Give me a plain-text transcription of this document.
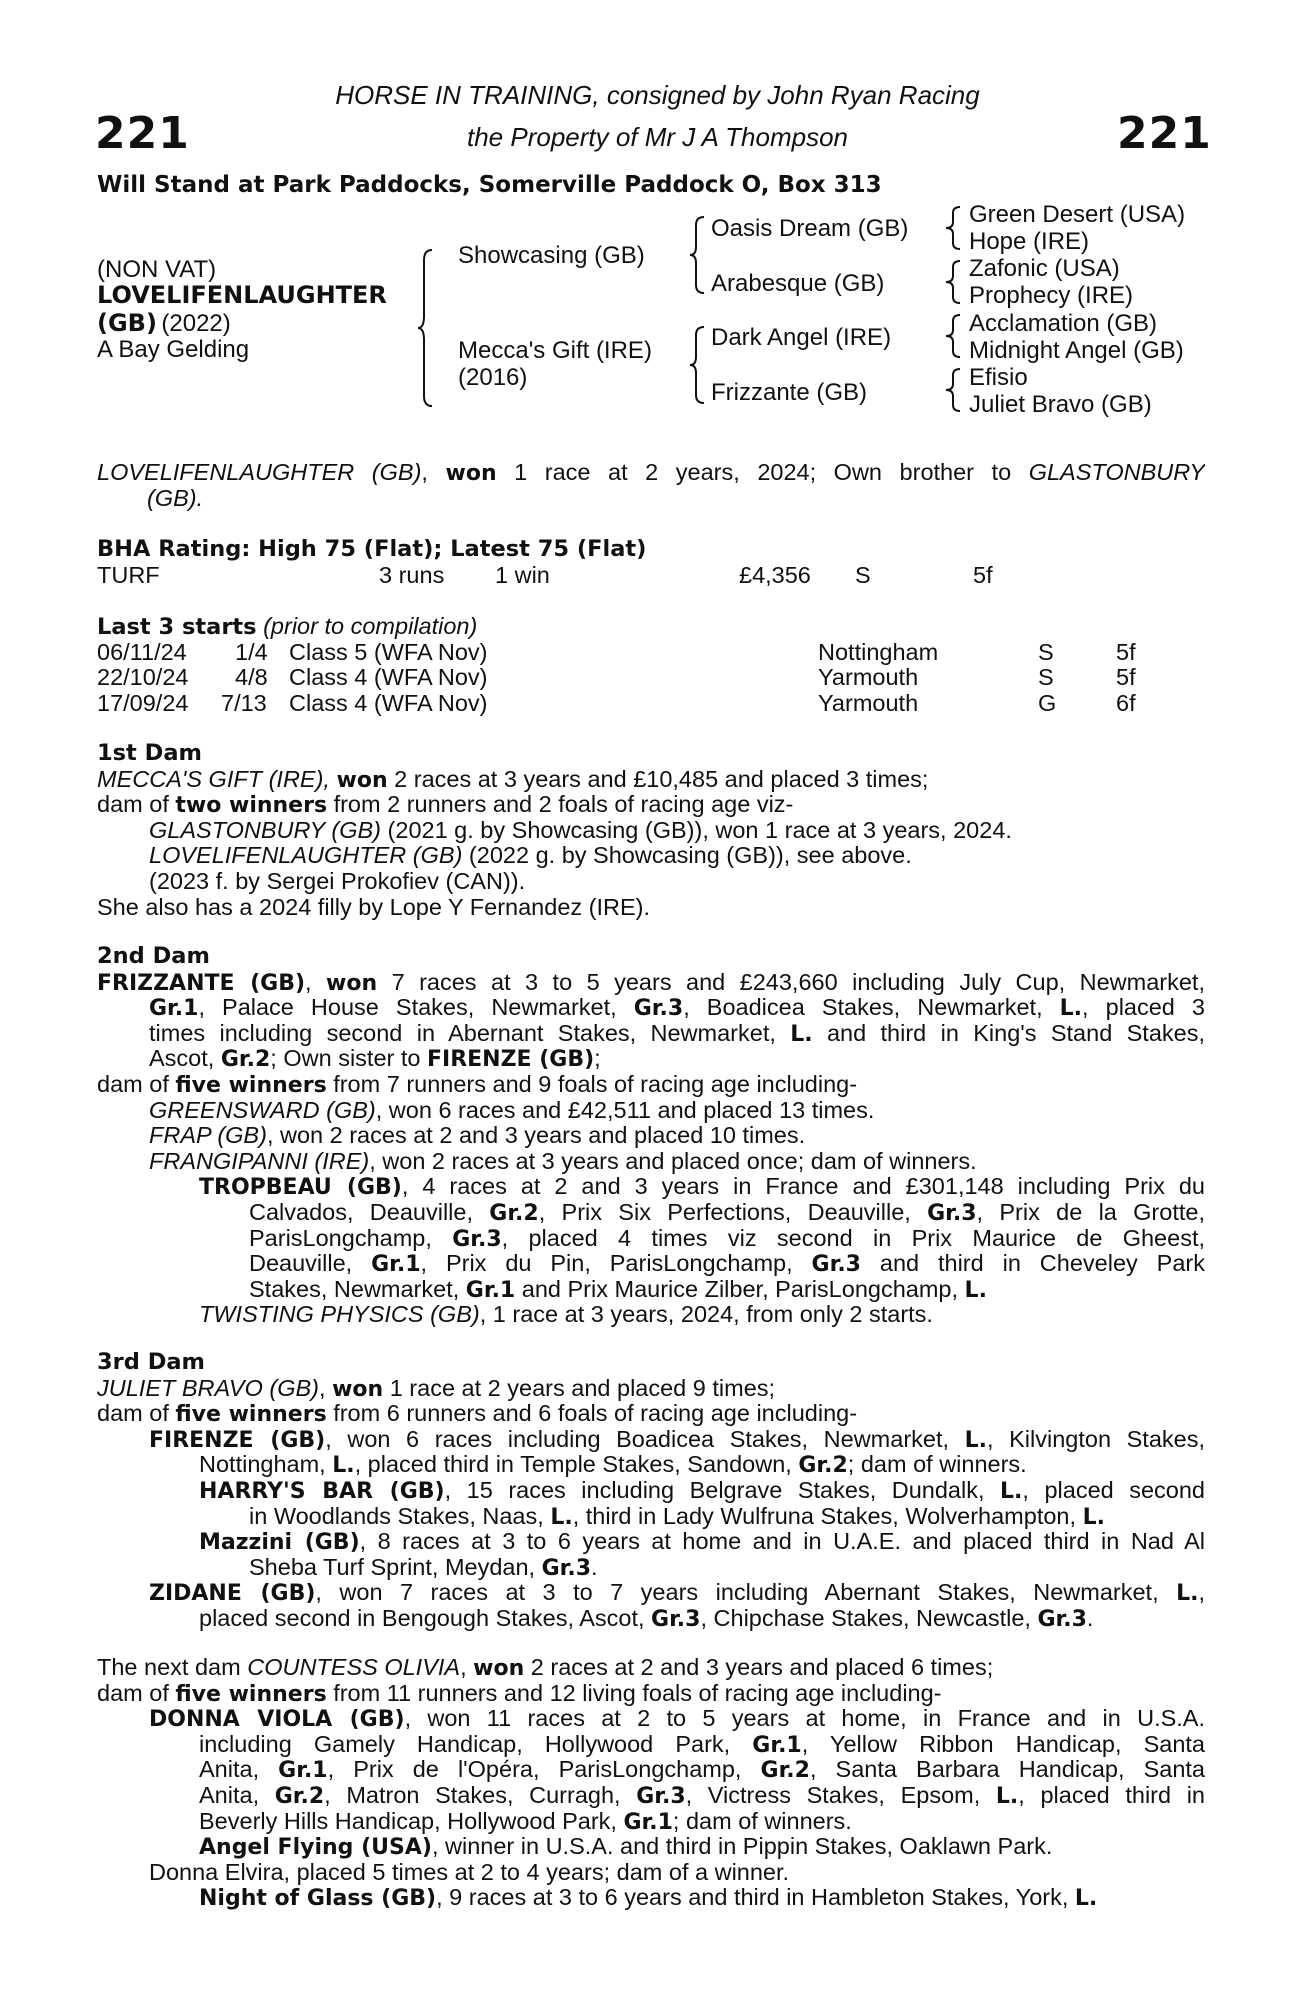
221	221
HORSE IN TRAINING, consigned by John Ryan Racing
the Property of Mr J A Thompson
Will Stand at Park Paddocks, Somerville Paddock O, Box 313
(NON VAT)
LOVELIFENLAUGHTER
(GB) (2022)
A Bay Gelding
Showcasing (GB)
Mecca's Gift (IRE)
(2016)
Oasis Dream (GB)
Arabesque (GB)
Dark Angel (IRE)
Frizzante (GB)
Green Desert (USA)
Hope (IRE)
Zafonic (USA)
Prophecy (IRE)
Acclamation (GB)
Midnight Angel (GB)
Efisio
Juliet Bravo (GB)
LOVELIFENLAUGHTER (GB), won 1 race at 2 years, 2024; Own brother to GLASTONBURY
(GB).
BHA Rating: High 75 (Flat); Latest 75 (Flat)
TURF	3 runs 1 win	£4,356 S	5f
Last 3 starts (prior to compilation)
06/11/24 1/4 Class 5 (WFA Nov)	Nottingham	S	5f
22/10/24 4/8 Class 4 (WFA Nov)	Yarmouth	S	5f
17/09/24 7/13 Class 4 (WFA Nov)	Yarmouth	G	6f
1st Dam
MECCA'S GIFT (IRE), won 2 races at 3 years and £10,485 and placed 3 times;
dam of two winners from 2 runners and 2 foals of racing age viz-
GLASTONBURY (GB) (2021 g. by Showcasing (GB)), won 1 race at 3 years, 2024.
LOVELIFENLAUGHTER (GB) (2022 g. by Showcasing (GB)), see above.
(2023 f. by Sergei Prokofiev (CAN)).
She also has a 2024 filly by Lope Y Fernandez (IRE).
2nd Dam
FRIZZANTE (GB), won 7 races at 3 to 5 years and £243,660 including July Cup, Newmarket,
Gr.1, Palace House Stakes, Newmarket, Gr.3, Boadicea Stakes, Newmarket, L., placed 3
times including second in Abernant Stakes, Newmarket, L. and third in King's Stand Stakes,
Ascot, Gr.2; Own sister to FIRENZE (GB);
dam of five winners from 7 runners and 9 foals of racing age including-
GREENSWARD (GB), won 6 races and £42,511 and placed 13 times.
FRAP (GB), won 2 races at 2 and 3 years and placed 10 times.
FRANGIPANNI (IRE), won 2 races at 3 years and placed once; dam of winners.
TROPBEAU (GB), 4 races at 2 and 3 years in France and £301,148 including Prix du
Calvados, Deauville, Gr.2, Prix Six Perfections, Deauville, Gr.3, Prix de la Grotte,
ParisLongchamp, Gr.3, placed 4 times viz second in Prix Maurice de Gheest,
Deauville, Gr.1, Prix du Pin, ParisLongchamp, Gr.3 and third in Cheveley Park
Stakes, Newmarket, Gr.1 and Prix Maurice Zilber, ParisLongchamp, L.
TWISTING PHYSICS (GB), 1 race at 3 years, 2024, from only 2 starts.
3rd Dam
JULIET BRAVO (GB), won 1 race at 2 years and placed 9 times;
dam of five winners from 6 runners and 6 foals of racing age including-
FIRENZE (GB), won 6 races including Boadicea Stakes, Newmarket, L., Kilvington Stakes,
Nottingham, L., placed third in Temple Stakes, Sandown, Gr.2; dam of winners.
HARRY'S BAR (GB), 15 races including Belgrave Stakes, Dundalk, L., placed second
in Woodlands Stakes, Naas, L., third in Lady Wulfruna Stakes, Wolverhampton, L.
Mazzini (GB), 8 races at 3 to 6 years at home and in U.A.E. and placed third in Nad Al
Sheba Turf Sprint, Meydan, Gr.3.
ZIDANE (GB), won 7 races at 3 to 7 years including Abernant Stakes, Newmarket, L.,
placed second in Bengough Stakes, Ascot, Gr.3, Chipchase Stakes, Newcastle, Gr.3.
The next dam COUNTESS OLIVIA, won 2 races at 2 and 3 years and placed 6 times;
dam of five winners from 11 runners and 12 living foals of racing age including-
DONNA VIOLA (GB), won 11 races at 2 to 5 years at home, in France and in U.S.A.
including Gamely Handicap, Hollywood Park, Gr.1, Yellow Ribbon Handicap, Santa
Anita, Gr.1, Prix de l'Opéra, ParisLongchamp, Gr.2, Santa Barbara Handicap, Santa
Anita, Gr.2, Matron Stakes, Curragh, Gr.3, Victress Stakes, Epsom, L., placed third in
Beverly Hills Handicap, Hollywood Park, Gr.1; dam of winners.
Angel Flying (USA), winner in U.S.A. and third in Pippin Stakes, Oaklawn Park.
Donna Elvira, placed 5 times at 2 to 4 years; dam of a winner.
Night of Glass (GB), 9 races at 3 to 6 years and third in Hambleton Stakes, York, L.
